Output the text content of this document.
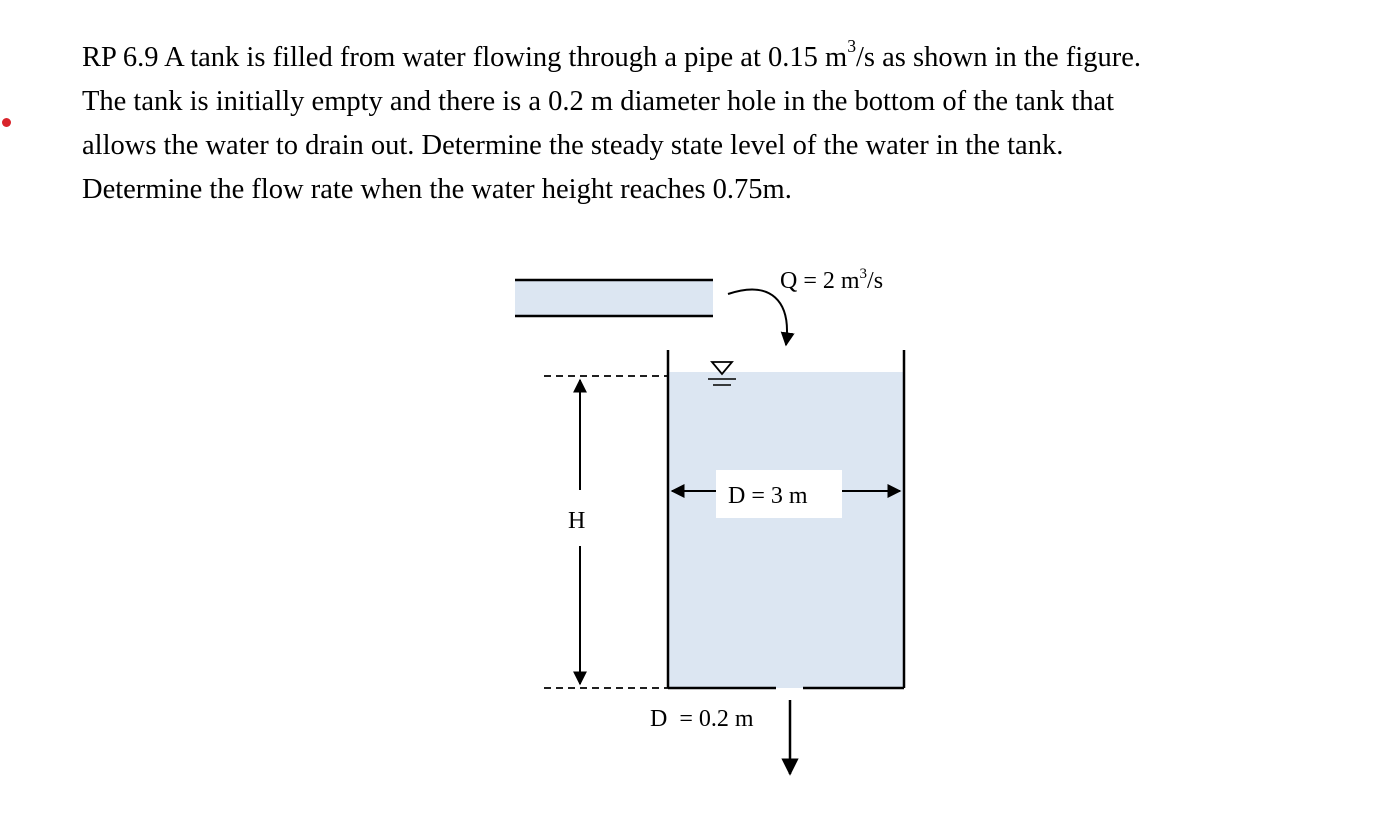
RP 6.9 A tank is filled from water flowing through a pipe at 0.15 $m^3/s$ as shown in the figure.

The tank is initially empty and there is a 0.2 m diameter hole in the bottom of the tank that

allows the water to drain out. Determine the steady state level of the water in the tank.

Determine the flow rate when the water height reaches 0.75m.

Q = 2 $m^3/s$
D = 3 m
H
D  = 0.2 m
